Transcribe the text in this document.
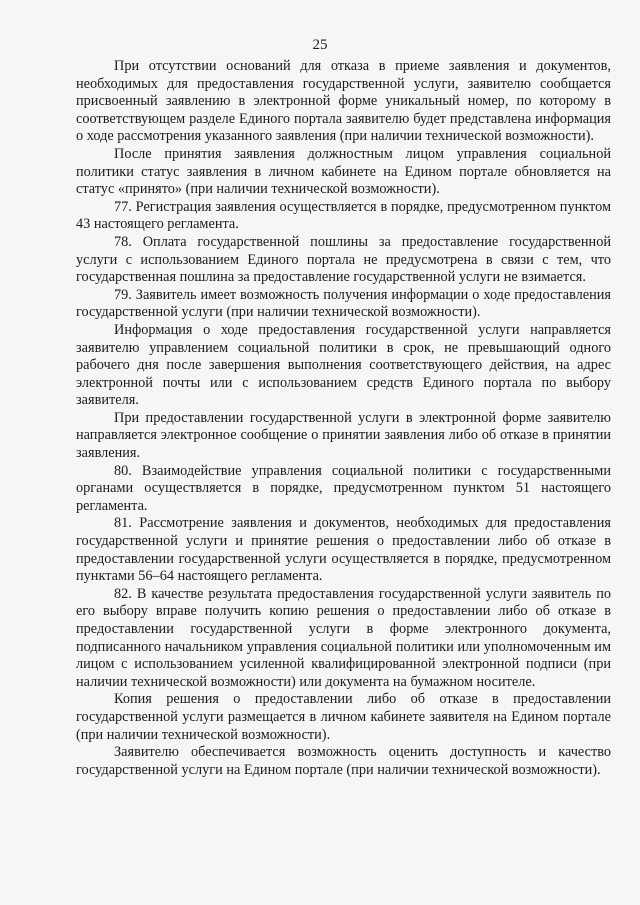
25

При отсутствии оснований для отказа в приеме заявления и документов, необходимых для предоставления государственной услуги, заявителю сообщается присвоенный заявлению в электронной форме уникальный номер, по которому в соответствующем разделе Единого портала заявителю будет представлена информация о ходе рассмотрения указанного заявления (при наличии технической возможности).

После принятия заявления должностным лицом управления социальной политики статус заявления в личном кабинете на Едином портале обновляется на статус «принято» (при наличии технической возможности).

77. Регистрация заявления осуществляется в порядке, предусмотренном пунктом 43 настоящего регламента.

78. Оплата государственной пошлины за предоставление государственной услуги с использованием Единого портала не предусмотрена в связи с тем, что государственная пошлина за предоставление государственной услуги не взимается.

79. Заявитель имеет возможность получения информации о ходе предоставления государственной услуги (при наличии технической возможности).

Информация о ходе предоставления государственной услуги направляется заявителю управлением социальной политики в срок, не превышающий одного рабочего дня после завершения выполнения соответствующего действия, на адрес электронной почты или с использованием средств Единого портала по выбору заявителя.

При предоставлении государственной услуги в электронной форме заявителю направляется электронное сообщение о принятии заявления либо об отказе в принятии заявления.

80. Взаимодействие управления социальной политики с государственными органами осуществляется в порядке, предусмотренном пунктом 51 настоящего регламента.

81. Рассмотрение заявления и документов, необходимых для предоставления государственной услуги и принятие решения о предоставлении либо об отказе в предоставлении государственной услуги осуществляется в порядке, предусмотренном пунктами 56–64 настоящего регламента.

82. В качестве результата предоставления государственной услуги заявитель по его выбору вправе получить копию решения о предоставлении либо об отказе в предоставлении государственной услуги в форме электронного документа, подписанного начальником управления социальной политики или уполномоченным им лицом с использованием усиленной квалифицированной электронной подписи (при наличии технической возможности) или документа на бумажном носителе.

Копия решения о предоставлении либо об отказе в предоставлении государственной услуги размещается в личном кабинете заявителя на Едином портале (при наличии технической возможности).

Заявителю обеспечивается возможность оценить доступность и качество государственной услуги на Едином портале (при наличии технической возможности).
